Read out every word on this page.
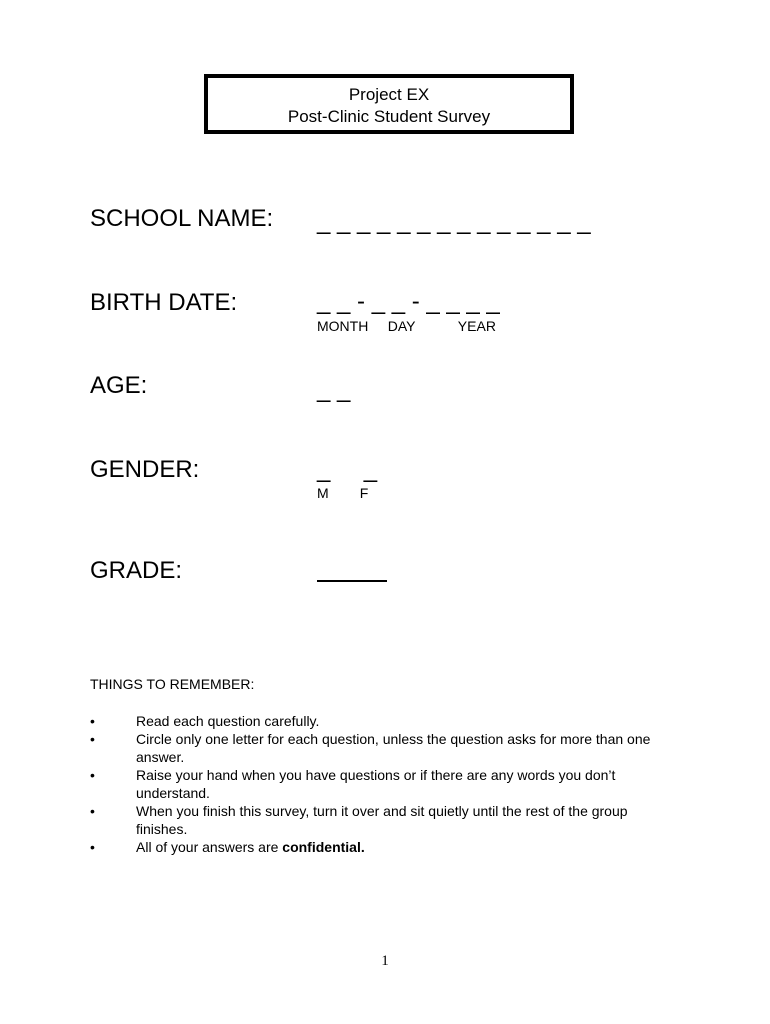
Project EX
Post-Clinic Student Survey
SCHOOL NAME: _ _ _ _ _ _ _ _ _ _ _ _ _ _
BIRTH DATE:	_ _ - _ _ - _ _ _ _
MONTH     DAY           YEAR
AGE:	_ _
GENDER:	_     _
M        F
GRADE:
THINGS TO REMEMBER:
•	Read each question carefully.
•	Circle only one letter for each question, unless the question asks for more than one answer.
•	Raise your hand when you have questions or if there are any words you don’t understand.
•	When you finish this survey, turn it over and sit quietly until the rest of the group finishes.
•	All of your answers are confidential.
1
